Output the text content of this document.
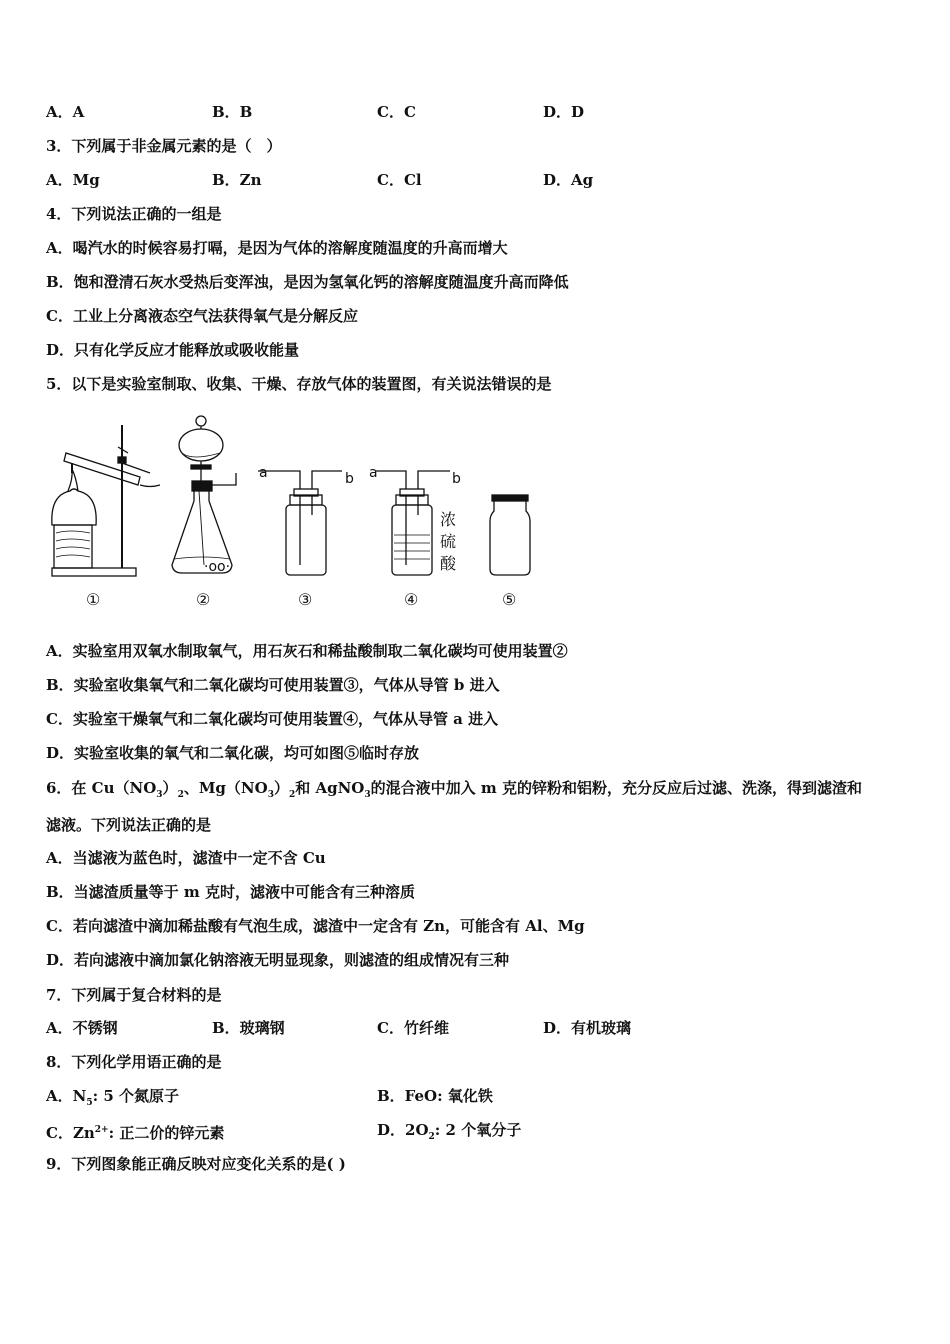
A．A	B．B	C．C	D．D
3．下列属于非金属元素的是（　）
A．Mg	B．Zn	C．Cl	D．Ag
4．下列说法正确的一组是
A．喝汽水的时候容易打嗝，是因为气体的溶解度随温度的升高而增大
B．饱和澄清石灰水受热后变浑浊，是因为氢氧化钙的溶解度随温度升高而降低
C．工业上分离液态空气法获得氧气是分解反应
D．只有化学反应才能释放或吸收能量
5．以下是实验室制取、收集、干燥、存放气体的装置图，有关说法错误的是
·oo·
a	b a	b
浓
硫
酸
①	②	③	④	⑤
A．实验室用双氧水制取氧气，用石灰石和稀盐酸制取二氧化碳均可使用装置②
B．实验室收集氧气和二氧化碳均可使用装置③，气体从导管 b 进入
C．实验室干燥氧气和二氧化碳均可使用装置④，气体从导管 a 进入
D．实验室收集的氧气和二氧化碳，均可如图⑤临时存放
6．在 $Cu(NO_3)_2$、$Mg(NO_3)_2$和 AgNO$_3$的混合液中加入 m 克的锌粉和铝粉，充分反应后过滤、洗涤，得到滤渣和
滤液。下列说法正确的是
A．当滤液为蓝色时，滤渣中一定不含 Cu
B．当滤渣质量等于 m 克时，滤液中可能含有三种溶质
C．若向滤渣中滴加稀盐酸有气泡生成，滤渣中一定含有 Zn，可能含有 Al、Mg
D．若向滤液中滴加氯化钠溶液无明显现象，则滤渣的组成情况有三种
7．下列属于复合材料的是
A．不锈钢	B．玻璃钢	C．竹纤维	D．有机玻璃
8．下列化学用语正确的是
A．$N_5$: 5 个氮原子	B．FeO: 氧化铁
C．$Zn^{2+}$: 正二价的锌元素	D．$2O_2$: 2 个氧分子
9．下列图象能正确反映对应变化关系的是( )
